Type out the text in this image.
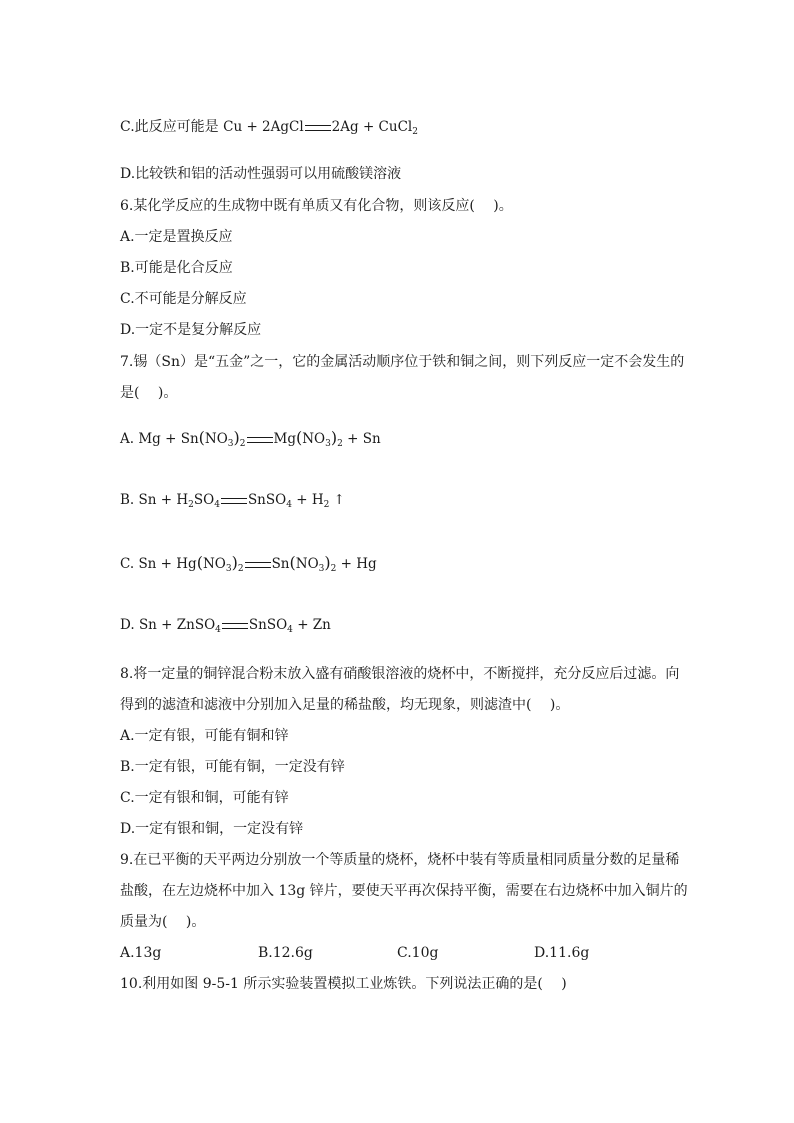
C.此反应可能是 Cu + 2AgCl 2Ag + CuCl$_2$
D.比较铁和铝的活动性强弱可以用硫酸镁溶液
6.某化学反应的生成物中既有单质又有化合物，则该反应(　 )。
A.一定是置换反应
B.可能是化合反应
C.不可能是分解反应
D.一定不是复分解反应
7.锡（Sn）是“五金”之一，它的金属活动顺序位于铁和铜之间，则下列反应一定不会发生的
是(　 )。
A. $Mg + Sn(NO_3)_2$ $Mg(NO_3)_2 + Sn$
B. $Sn + H_2SO_4$ SnSO$_4$ + $H_2$ ↑
C. $Sn + Hg(NO_3)_2$ $Sn(NO_3)_2 + Hg$
D. Sn + ZnSO$_4$ SnSO$_4$ + Zn
8.将一定量的铜锌混合粉末放入盛有硝酸银溶液的烧杯中，不断搅拌，充分反应后过滤。向
得到的滤渣和滤液中分别加入足量的稀盐酸，均无现象，则滤渣中(　 )。
A.一定有银，可能有铜和锌
B.一定有银，可能有铜，一定没有锌
C.一定有银和铜，可能有锌
D.一定有银和铜，一定没有锌
9.在已平衡的天平两边分别放一个等质量的烧杯，烧杯中装有等质量相同质量分数的足量稀
盐酸，在左边烧杯中加入 13g 锌片，要使天平再次保持平衡，需要在右边烧杯中加入铜片的
质量为(　 )。
A.13g	B.12.6g	C.10g	D.11.6g
10.利用如图 9-5-1 所示实验装置模拟工业炼铁。下列说法正确的是(　 )
